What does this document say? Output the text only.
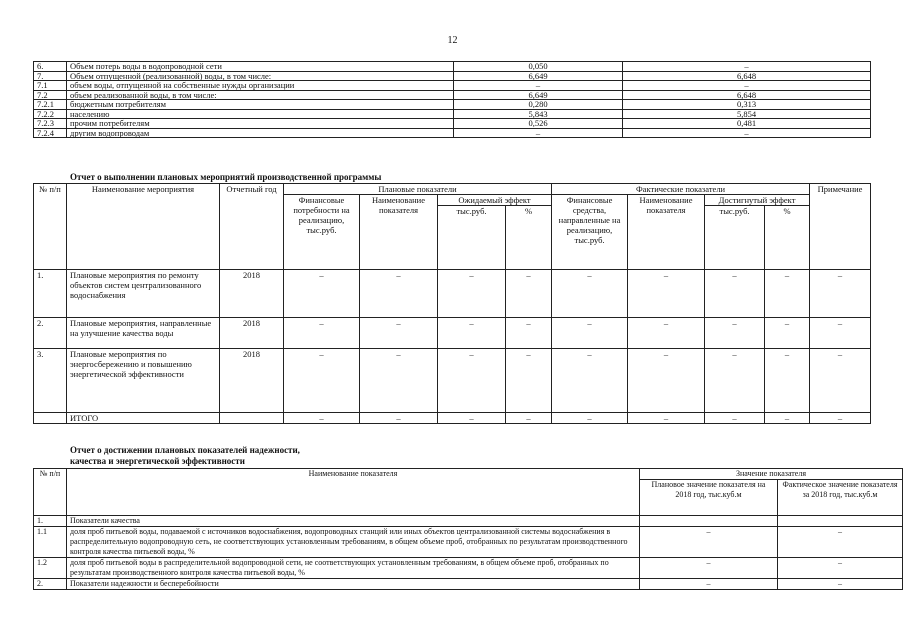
12
6.	Объем потерь воды в водопроводной сети	0,050	–
7.	Объем отпущенной (реализованной) воды, в том числе:	6,649	6,648
7.1	объем воды, отпущенной на собственные нужды организации	–	–
7.2	объем реализованной воды, в том числе:	6,649	6,648
7.2.1	бюджетным потребителям	0,280	0,313
7.2.2	населению	5,843	5,854
7.2.3	прочим потребителям	0,526	0,481
7.2.4	другим водопроводам	–	–
Отчет о выполнении плановых мероприятий производственной программы
№ п/п	Наименование мероприятия	Отчетный год	Плановые показатели				Фактические показатели				Примечание
			Финансовые потребности на реализацию, тыс.руб.	Наименование показателя	Ожидаемый эффект		Финансовые средства, направленные на реализацию, тыс.руб.	Наименование показателя	Достигнутый эффект		
					тыс.руб.	%			тыс.руб.	%	
1.	Плановые мероприятия по ремонту объектов систем централизованного водоснабжения	2018	–	–	–	–	–	–	–	–	–
2.	Плановые мероприятия, направленные на улучшение качества воды	2018	–	–	–	–	–	–	–	–	–
3.	Плановые мероприятия по энергосбережению и повышению энергетической эффективности	2018	–	–	–	–	–	–	–	–	–
	ИТОГО		–	–	–	–	–	–	–	–	–
Отчет о достижении плановых показателей надежности,
качества и энергетической эффективности
№ п/п	Наименование показателя	Значение показателя	
		Плановое значение показателя на 2018 год, тыс.куб.м	Фактическое значение показателя за 2018 год, тыс.куб.м
1.	Показатели качества		
1.1	доля проб питьевой воды, подаваемой с источников водоснабжения, водопроводных станций или иных объектов централизованной системы водоснабжения в распределительную водопроводную сеть, не соответствующих установленным требованиям, в общем объеме проб, отобранных по результатам производственного контроля качества питьевой воды, %	–	–
1.2	доля проб питьевой воды в распределительной водопроводной сети, не соответствующих установленным требованиям, в общем объеме проб, отобранных по результатам производственного контроля качества питьевой воды, %	–	–
2.	Показатели надежности и бесперебойности	–	–
